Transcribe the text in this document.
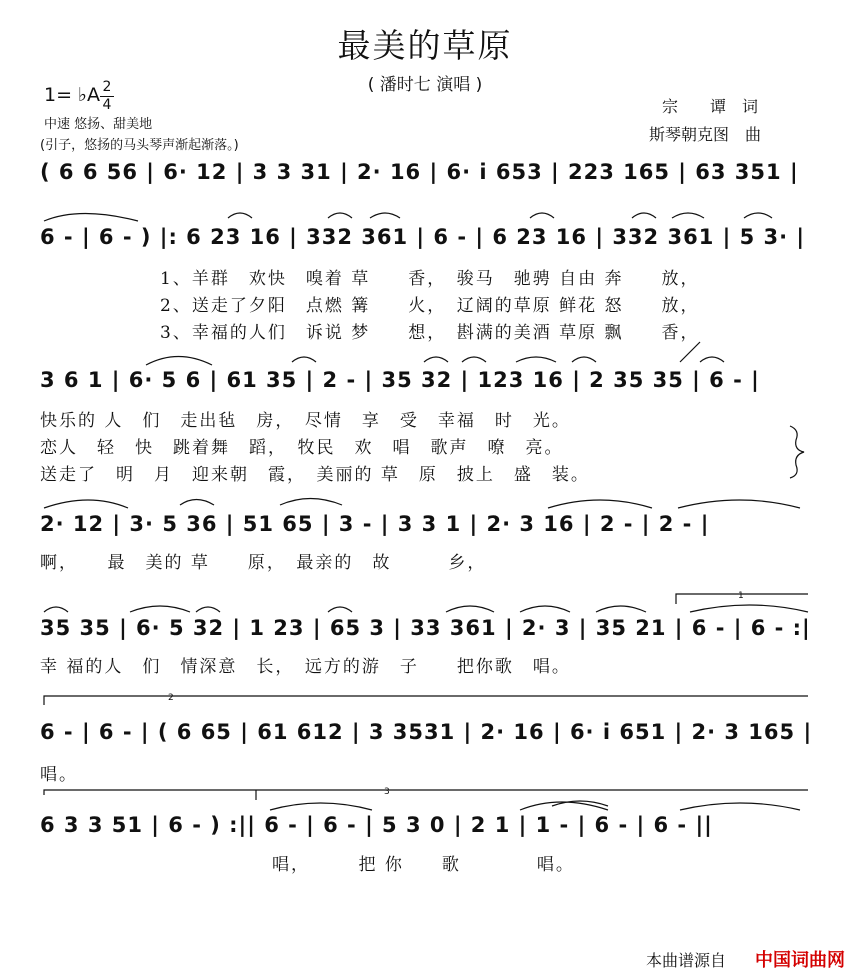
最美的草原
( 潘时七 演唱 )
1= ♭A 2
4
中速 悠扬、甜美地
(引子，悠扬的马头琴声渐起渐落。)
宗　　谭　词
斯琴朝克图　曲
( 6 6 56 | 6· 12 | 3 3 31 | 2· 16 | 6· i 653 | 223 165 | 63 351 |
6 - | 6 - ) |: 6 23 16 | 332 361 | 6 - | 6 23 16 | 332 361 | 5 3· |
1、羊群　欢快　嗅着 草　　香，　骏马　驰骋 自由 奔　　放，
2、送走了夕阳　点燃 篝　　火，　辽阔的草原 鲜花 怒　　放，
3、幸福的人们　诉说 梦　　想，　斟满的美酒 草原 飘　　香，
3 6 1 | 6· 5 6 | 61 35 | 2 - | 35 32 | 123 16 | 2 35 35 | 6 - |
快乐的 人　们　走出毡　房，　尽情　享　受　幸福　时　光。
恋人　轻　快　跳着舞　蹈，　牧民　欢　唱　歌声　嘹　亮。
送走了　明　月　迎来朝　霞，　美丽的 草　原　披上　盛　装。
2· 12 | 3· 5 36 | 51 65 | 3 - | 3 3 1 | 2· 3 16 | 2 - | 2 - |
啊，　　最　美的 草　　原，　最亲的　故　　　乡，
35 35 | 6· 5 32 | 1 23 | 65 3 | 33 361 | 2· 3 | 35 21 | 6 - | 6 - :|
幸 福的人　们　情深意　长，　远方的游　子　　把你歌　唱。
6 - | 6 - | ( 6 65 | 61 612 | 3 3531 | 2· 16 | 6· i 651 | 2· 3 165 |
唱。
6 3 3 51 | 6 - ) :|| 6 - | 6 - | 5 3 0 | 2 1 | 1 - | 6 - | 6 - ||
唱，　　　把 你　　歌　　　　唱。
1
2
3
本曲谱源自 中国词曲网
